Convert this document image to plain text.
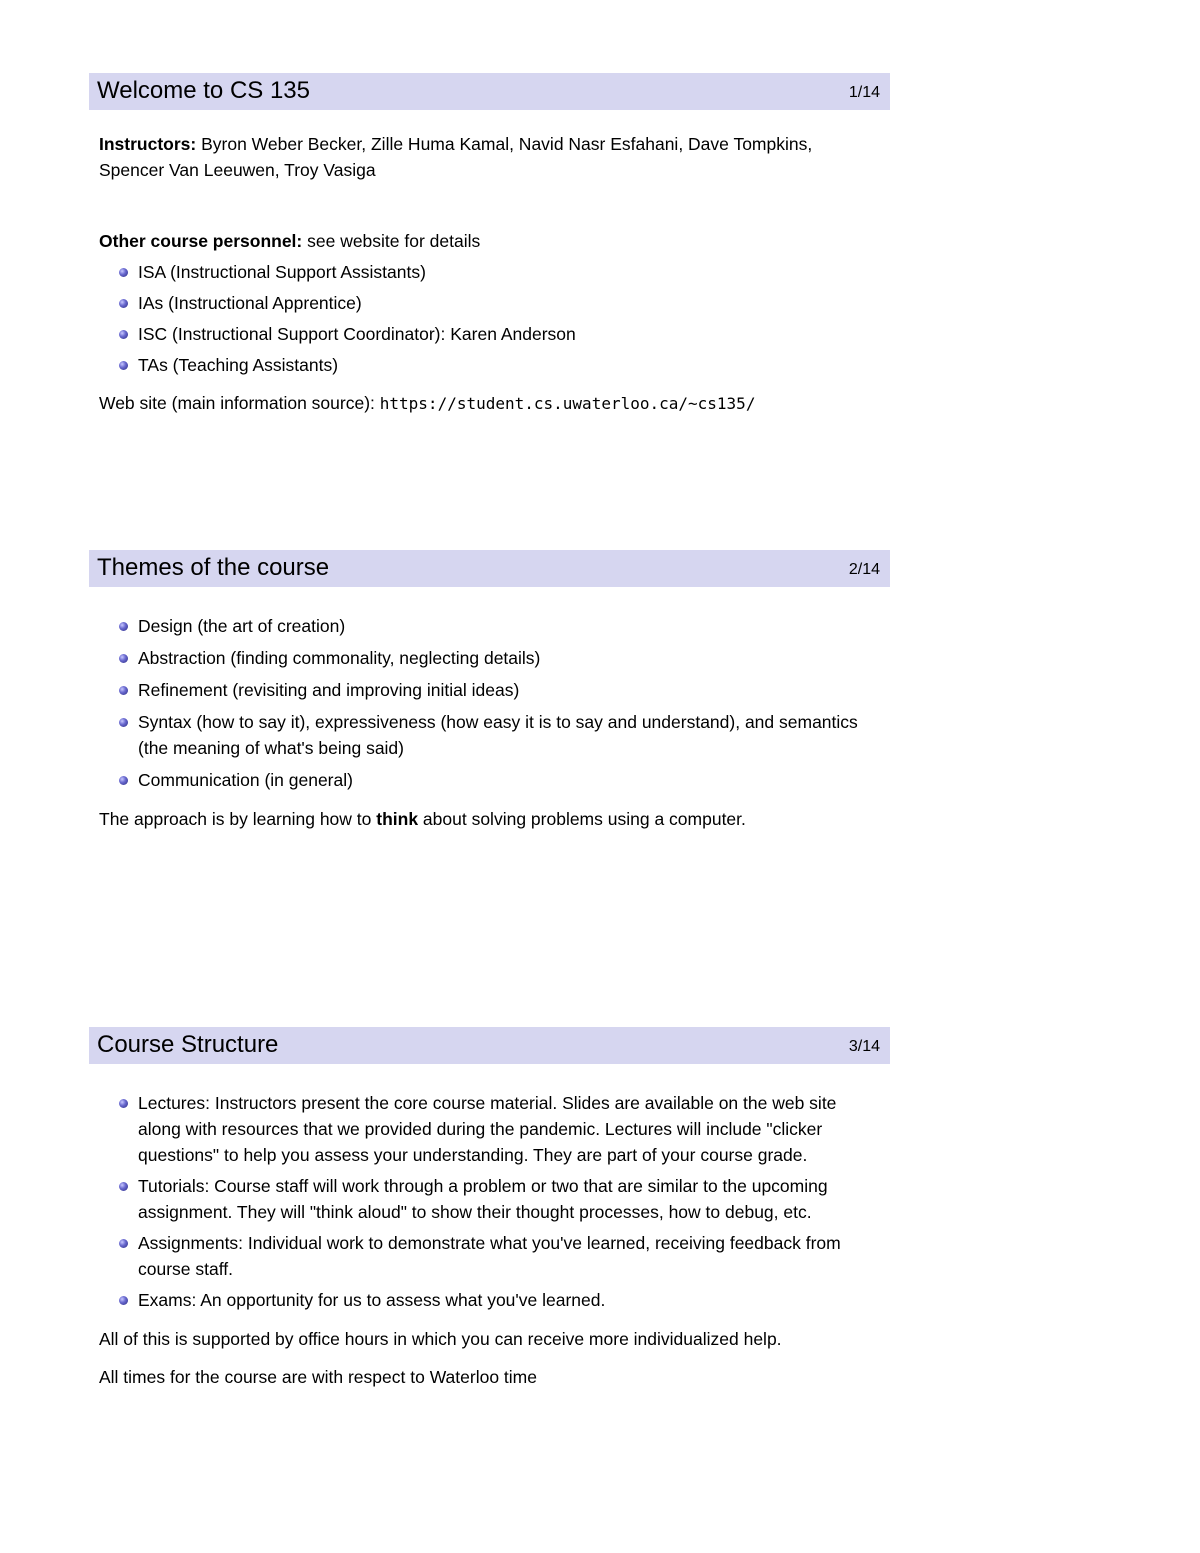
Welcome to CS 135	1/14

Instructors: Byron Weber Becker, Zille Huma Kamal, Navid Nasr Esfahani, Dave Tompkins, Spencer Van Leeuwen, Troy Vasiga

Other course personnel: see website for details

ISA (Instructional Support Assistants)
IAs (Instructional Apprentice)
ISC (Instructional Support Coordinator): Karen Anderson
TAs (Teaching Assistants)

Web site (main information source): https://student.cs.uwaterloo.ca/~cs135/

Themes of the course	2/14
Design (the art of creation)
Abstraction (finding commonality, neglecting details)
Refinement (revisiting and improving initial ideas)
Syntax (how to say it), expressiveness (how easy it is to say and understand), and semantics (the meaning of what's being said)
Communication (in general)

The approach is by learning how to think about solving problems using a computer.

Course Structure	3/14
Lectures: Instructors present the core course material. Slides are available on the web site along with resources that we provided during the pandemic. Lectures will include "clicker questions" to help you assess your understanding. They are part of your course grade.
Tutorials: Course staff will work through a problem or two that are similar to the upcoming assignment. They will "think aloud" to show their thought processes, how to debug, etc.
Assignments: Individual work to demonstrate what you've learned, receiving feedback from course staff.
Exams: An opportunity for us to assess what you've learned.

All of this is supported by office hours in which you can receive more individualized help.

All times for the course are with respect to Waterloo time
